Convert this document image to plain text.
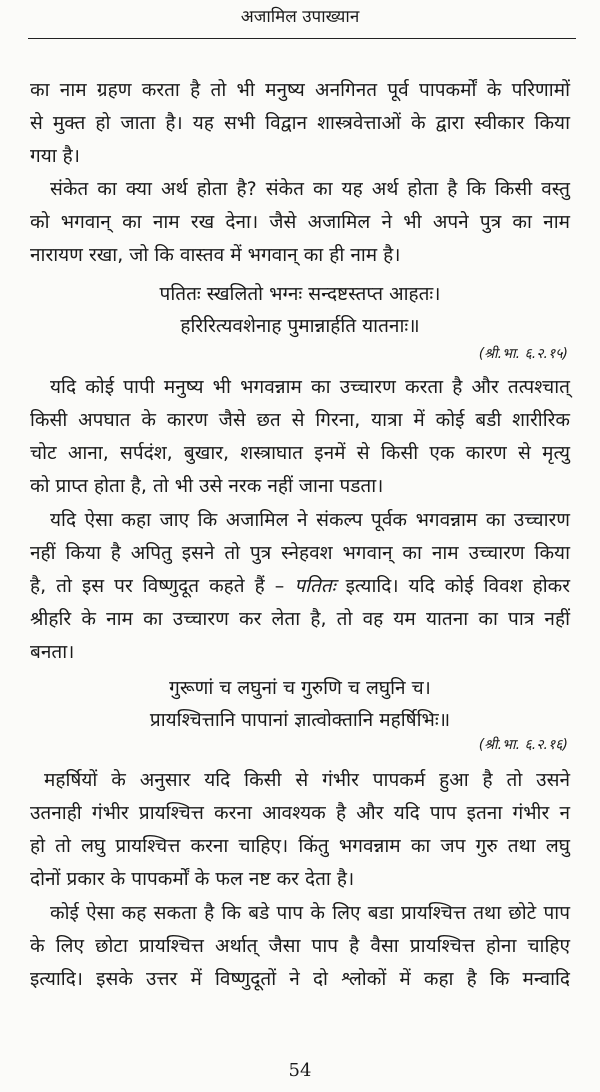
अजामिल उपाख्यान
का नाम ग्रहण करता है तो भी मनुष्य अनगिनत पूर्व पापकर्मों के परिणामों
से मुक्त हो जाता है। यह सभी विद्वान शास्त्रवेत्ताओं के द्वारा स्वीकार किया
गया है।
संकेत का क्या अर्थ होता है? संकेत का यह अर्थ होता है कि किसी वस्तु
को भगवान् का नाम रख देना। जैसे अजामिल ने भी अपने पुत्र का नाम
नारायण रखा, जो कि वास्तव में भगवान् का ही नाम है।
पतितः स्खलितो भग्नः सन्दष्टस्तप्त आहतः।
हरिरित्यवशेनाह पुमान्नार्हति यातनाः॥
(श्री.भा. ६.२.१५)
यदि कोई पापी मनुष्य भी भगवन्नाम का उच्चारण करता है और तत्पश्चात्
किसी अपघात के कारण जैसे छत से गिरना, यात्रा में कोई बडी शारीरिक
चोट आना, सर्पदंश, बुखार, शस्त्राघात इनमें से किसी एक कारण से मृत्यु
को प्राप्त होता है, तो भी उसे नरक नहीं जाना पडता।
यदि ऐसा कहा जाए कि अजामिल ने संकल्प पूर्वक भगवन्नाम का उच्चारण
नहीं किया है अपितु इसने तो पुत्र स्नेहवश भगवान् का नाम उच्चारण किया
है, तो इस पर विष्णुदूत कहते हैं – पतितः इत्यादि। यदि कोई विवश होकर
श्रीहरि के नाम का उच्चारण कर लेता है, तो वह यम यातना का पात्र नहीं
बनता।
गुरूणां च लघुनां च गुरुणि च लघुनि च।
प्रायश्चित्तानि पापानां ज्ञात्वोक्तानि महर्षिभिः॥
(श्री.भा. ६.२.१६)
महर्षियों के अनुसार यदि किसी से गंभीर पापकर्म हुआ है तो उसने
उतनाही गंभीर प्रायश्चित्त करना आवश्यक है और यदि पाप इतना गंभीर न
हो तो लघु प्रायश्चित्त करना चाहिए। किंतु भगवन्नाम का जप गुरु तथा लघु
दोनों प्रकार के पापकर्मों के फल नष्ट कर देता है।
कोई ऐसा कह सकता है कि बडे पाप के लिए बडा प्रायश्चित्त तथा छोटे पाप
के लिए छोटा प्रायश्चित्त अर्थात् जैसा पाप है वैसा प्रायश्चित्त होना चाहिए
इत्यादि। इसके उत्तर में विष्णुदूतों ने दो श्लोकों में कहा है कि मन्वादि
54
